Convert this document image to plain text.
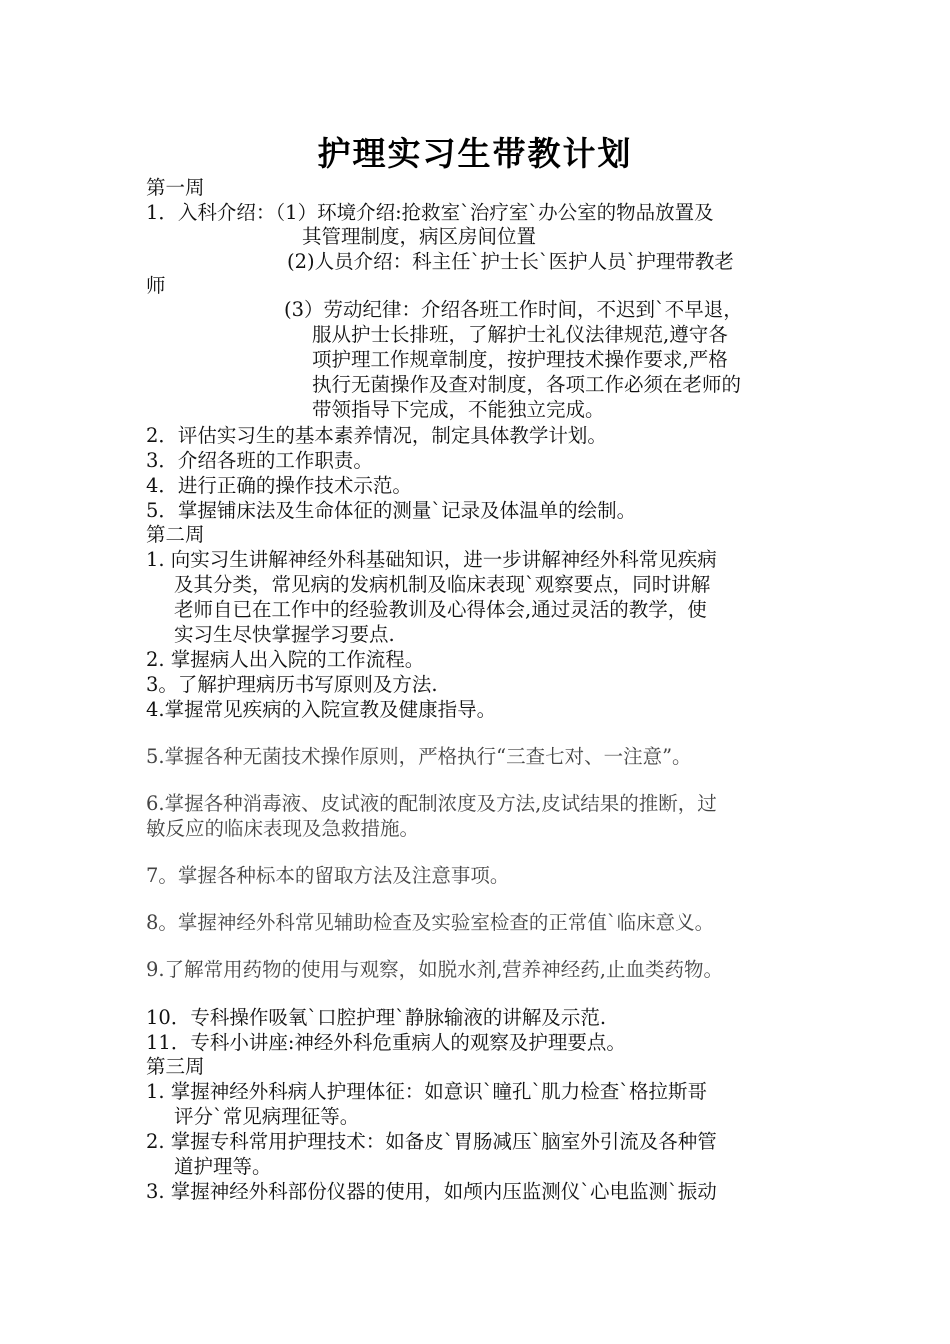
护理实习生带教计划
第一周
1．入科介绍：（1）环境介绍:抢救室`治疗室`办公室的物品放置及
其管理制度，病区房间位置
(2)人员介绍：科主任`护士长`医护人员`护理带教老
师
(3）劳动纪律：介绍各班工作时间，不迟到`不早退，
服从护士长排班，了解护士礼仪法律规范,遵守各
项护理工作规章制度，按护理技术操作要求,严格
执行无菌操作及查对制度，各项工作必须在老师的
带领指导下完成，不能独立完成。
2．评估实习生的基本素养情况，制定具体教学计划。
3．介绍各班的工作职责。
4．进行正确的操作技术示范。
5．掌握铺床法及生命体征的测量`记录及体温单的绘制。
第二周
1. 向实习生讲解神经外科基础知识，进一步讲解神经外科常见疾病
及其分类，常见病的发病机制及临床表现`观察要点，同时讲解
老师自已在工作中的经验教训及心得体会,通过灵活的教学，使
实习生尽快掌握学习要点.
2. 掌握病人出入院的工作流程。
3。了解护理病历书写原则及方法.
4.掌握常见疾病的入院宣教及健康指导。
5.掌握各种无菌技术操作原则，严格执行“三查七对、一注意”。
6.掌握各种消毒液、皮试液的配制浓度及方法,皮试结果的推断，过
敏反应的临床表现及急救措施。
7。掌握各种标本的留取方法及注意事项。
8。掌握神经外科常见辅助检查及实验室检查的正常值`临床意义。
9.了解常用药物的使用与观察，如脱水剂,营养神经药,止血类药物。
10．专科操作吸氧`口腔护理`静脉输液的讲解及示范.
11．专科小讲座:神经外科危重病人的观察及护理要点。
第三周
1. 掌握神经外科病人护理体征：如意识`瞳孔`肌力检查`格拉斯哥
评分`常见病理征等。
2. 掌握专科常用护理技术：如备皮`胃肠减压`脑室外引流及各种管
道护理等。
3. 掌握神经外科部份仪器的使用，如颅内压监测仪`心电监测`振动
